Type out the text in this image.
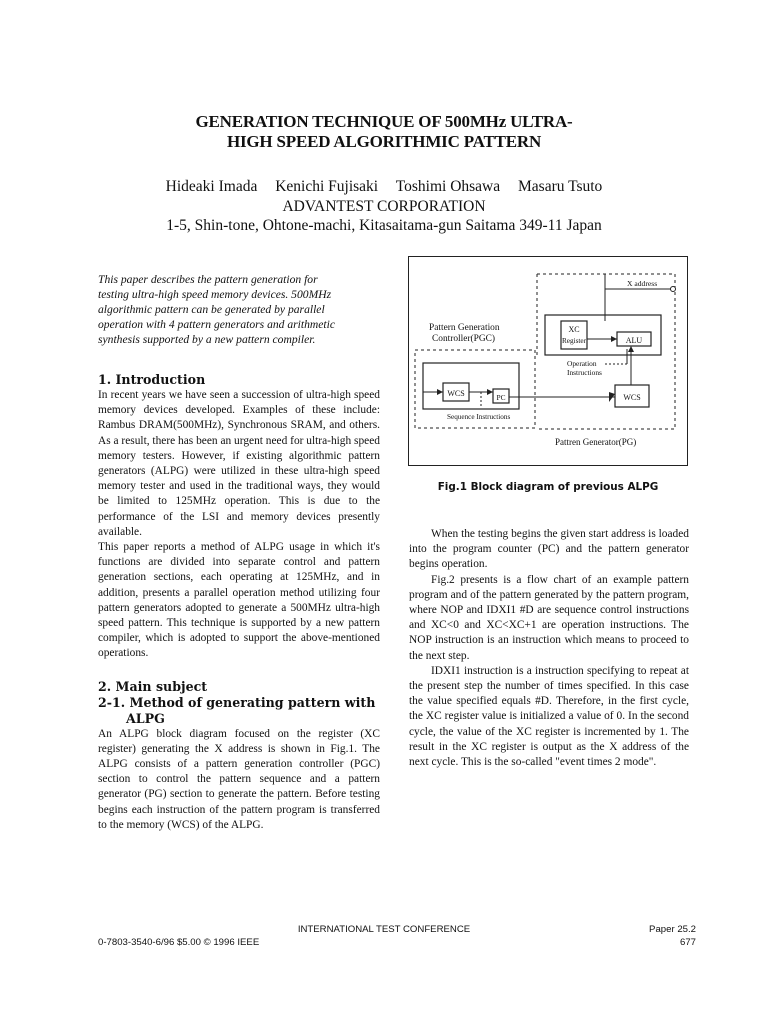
GENERATION TECHNIQUE OF 500MHz ULTRA-
HIGH SPEED ALGORITHMIC PATTERN
Hideaki Imada Kenichi Fujisaki Toshimi Ohsawa Masaru Tsuto
ADVANTEST CORPORATION
1-5, Shin-tone, Ohtone-machi, Kitasaitama-gun Saitama 349-11 Japan
This paper describes the pattern generation for
testing ultra-high speed memory devices. 500MHz
algorithmic pattern can be generated by parallel
operation with 4 pattern generators and arithmetic
synthesis supported by a new pattern compiler.
1. Introduction

In recent years we have seen a succession of ultra-high speed memory devices developed. Examples of these include: Rambus DRAM(500MHz), Synchronous SRAM, and others. As a result, there has been an urgent need for ultra-high speed memory testers. However, if existing algorithmic pattern generators (ALPG) were utilized in these ultra-high speed memory tester and used in the traditional ways, they would be limited to 125MHz operation. This is due to the performance of the LSI and memory devices presently available.

This paper reports a method of ALPG usage in which it's functions are divided into separate control and pattern generation sections, each operating at 125MHz, and in addition, presents a parallel operation method utilizing four pattern generators adopted to generate a 500MHz ultra-high speed pattern. This technique is supported by a new pattern compiler, which is adopted to support the above-mentioned operations.

2. Main subject
2-1. Method of generating pattern with
ALPG

An ALPG block diagram focused on the register (XC register) generating the X address is shown in Fig.1. The ALPG consists of a pattern generation controller (PGC) section to control the pattern sequence and a pattern generator (PG) section to generate the pattern. Before testing begins each instruction of the pattern program is transferred to the memory (WCS) of the ALPG.

X address
Pattern Generation
Controller(PGC)
XC
Register	ALU
Operation
Instructions
WCS	PC
Sequence Instructions
WCS
Pattren Generator(PG)
Fig.1 Block diagram of previous ALPG

When the testing begins the given start address is loaded into the program counter (PC) and the pattern generator begins operation.

Fig.2 presents is a flow chart of an example pattern program and of the pattern generated by the pattern program, where NOP and IDXI1 #D are sequence control instructions and XC<0 and XC<XC+1 are operation instructions. The NOP instruction is an instruction which means to proceed to the next step.

IDXI1 instruction is a instruction specifying to repeat at the present step the number of times specified. In this case the value specified equals #D. Therefore, in the first cycle, the XC register value is initialized a value of 0. In the second cycle, the value of the XC register is incremented by 1. The result in the XC register is output as the X address of the next cycle. This is the so-called "event times 2 mode".

INTERNATIONAL TEST CONFERENCE
0-7803-3540-6/96 $5.00 © 1996 IEEE
Paper 25.2
677
